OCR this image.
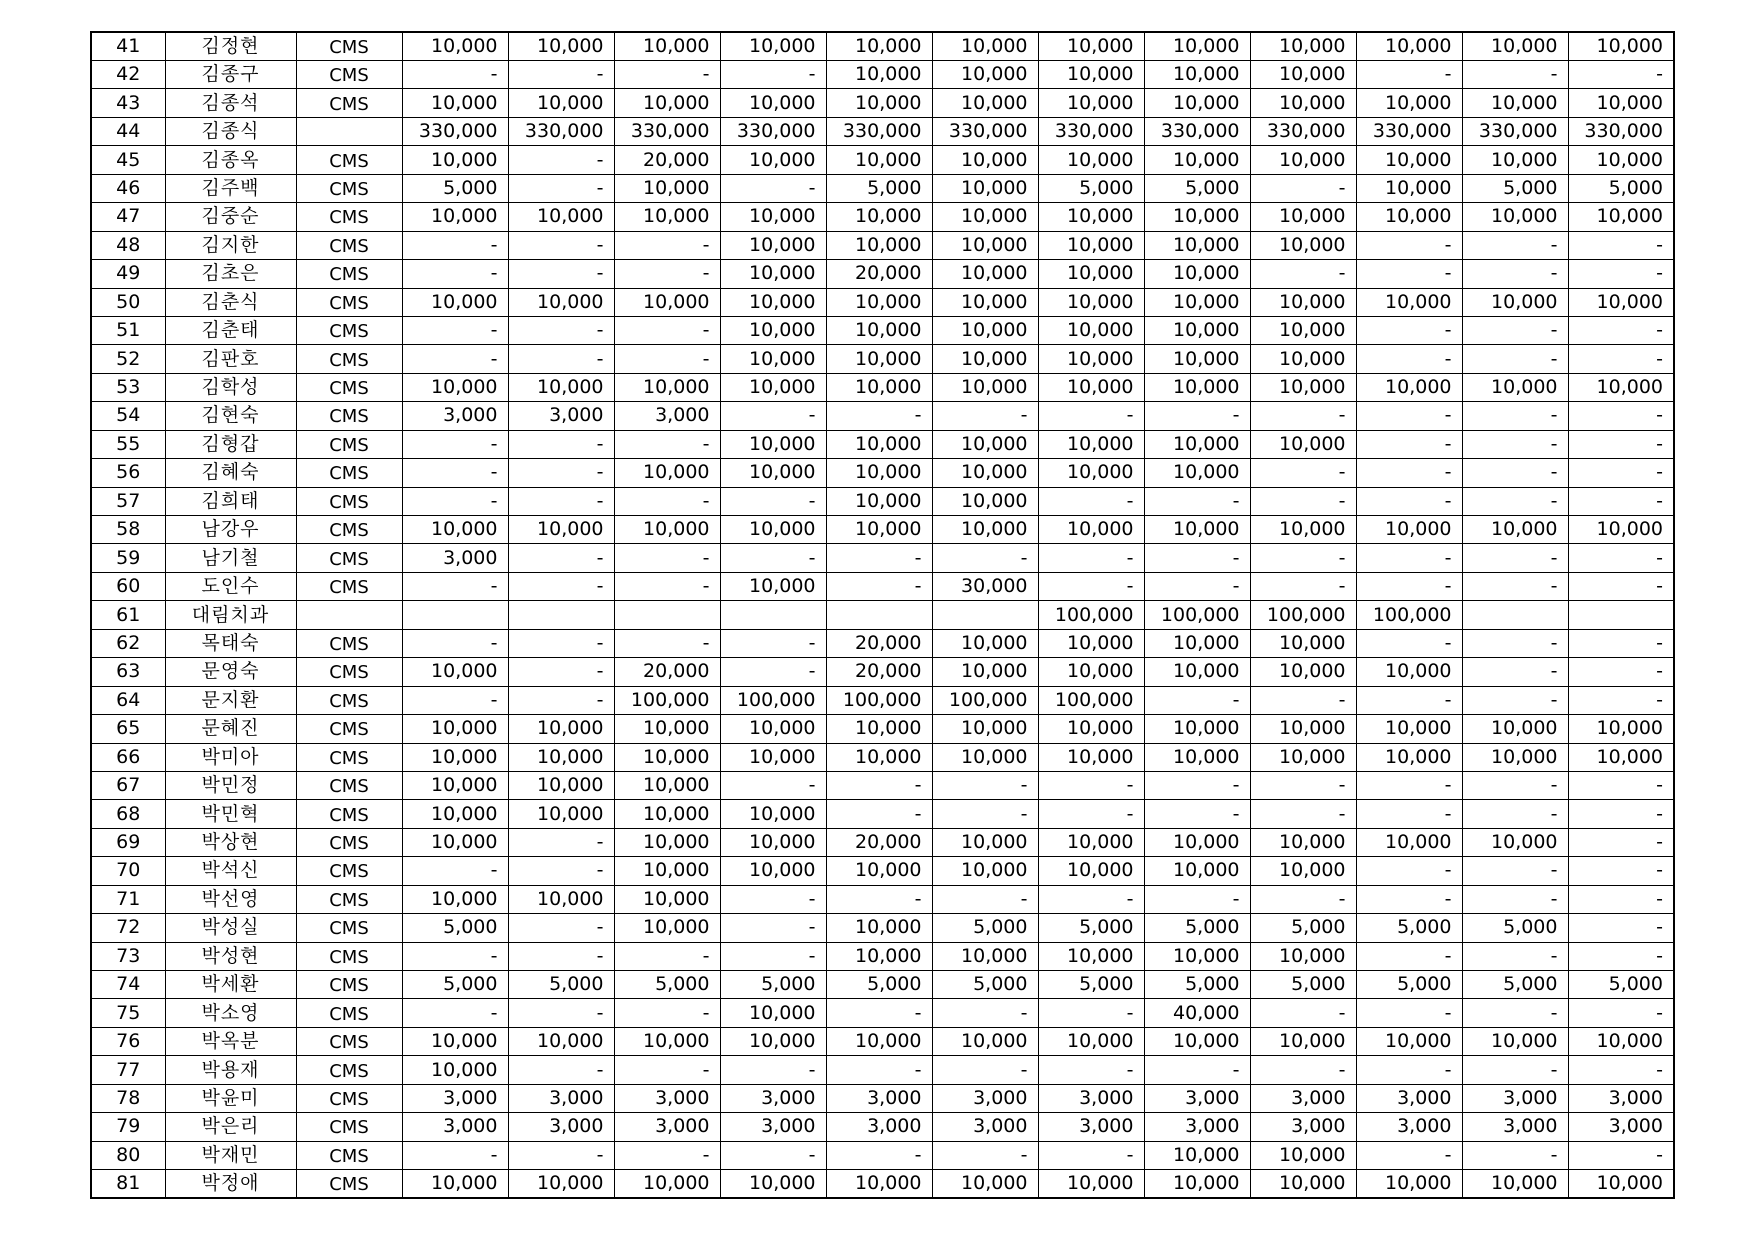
41	김정현	CMS	10,000	10,000	10,000	10,000	10,000	10,000	10,000	10,000	10,000	10,000	10,000	10,000
42	김종구	CMS	-	-	-	-	10,000	10,000	10,000	10,000	10,000	-	-	-
43	김종석	CMS	10,000	10,000	10,000	10,000	10,000	10,000	10,000	10,000	10,000	10,000	10,000	10,000
44	김종식		330,000	330,000	330,000	330,000	330,000	330,000	330,000	330,000	330,000	330,000	330,000	330,000
45	김종옥	CMS	10,000	-	20,000	10,000	10,000	10,000	10,000	10,000	10,000	10,000	10,000	10,000
46	김주백	CMS	5,000	-	10,000	-	5,000	10,000	5,000	5,000	-	10,000	5,000	5,000
47	김중순	CMS	10,000	10,000	10,000	10,000	10,000	10,000	10,000	10,000	10,000	10,000	10,000	10,000
48	김지한	CMS	-	-	-	10,000	10,000	10,000	10,000	10,000	10,000	-	-	-
49	김초은	CMS	-	-	-	10,000	20,000	10,000	10,000	10,000	-	-	-	-
50	김춘식	CMS	10,000	10,000	10,000	10,000	10,000	10,000	10,000	10,000	10,000	10,000	10,000	10,000
51	김춘태	CMS	-	-	-	10,000	10,000	10,000	10,000	10,000	10,000	-	-	-
52	김판호	CMS	-	-	-	10,000	10,000	10,000	10,000	10,000	10,000	-	-	-
53	김학성	CMS	10,000	10,000	10,000	10,000	10,000	10,000	10,000	10,000	10,000	10,000	10,000	10,000
54	김현숙	CMS	3,000	3,000	3,000	-	-	-	-	-	-	-	-	-
55	김형갑	CMS	-	-	-	10,000	10,000	10,000	10,000	10,000	10,000	-	-	-
56	김혜숙	CMS	-	-	10,000	10,000	10,000	10,000	10,000	10,000	-	-	-	-
57	김희태	CMS	-	-	-	-	10,000	10,000	-	-	-	-	-	-
58	남강우	CMS	10,000	10,000	10,000	10,000	10,000	10,000	10,000	10,000	10,000	10,000	10,000	10,000
59	남기철	CMS	3,000	-	-	-	-	-	-	-	-	-	-	-
60	도인수	CMS	-	-	-	10,000	-	30,000	-	-	-	-	-	-
61	대림치과								100,000	100,000	100,000	100,000		
62	목태숙	CMS	-	-	-	-	20,000	10,000	10,000	10,000	10,000	-	-	-
63	문영숙	CMS	10,000	-	20,000	-	20,000	10,000	10,000	10,000	10,000	10,000	-	-
64	문지환	CMS	-	-	100,000	100,000	100,000	100,000	100,000	-	-	-	-	-
65	문혜진	CMS	10,000	10,000	10,000	10,000	10,000	10,000	10,000	10,000	10,000	10,000	10,000	10,000
66	박미아	CMS	10,000	10,000	10,000	10,000	10,000	10,000	10,000	10,000	10,000	10,000	10,000	10,000
67	박민정	CMS	10,000	10,000	10,000	-	-	-	-	-	-	-	-	-
68	박민혁	CMS	10,000	10,000	10,000	10,000	-	-	-	-	-	-	-	-
69	박상현	CMS	10,000	-	10,000	10,000	20,000	10,000	10,000	10,000	10,000	10,000	10,000	-
70	박석신	CMS	-	-	10,000	10,000	10,000	10,000	10,000	10,000	10,000	-	-	-
71	박선영	CMS	10,000	10,000	10,000	-	-	-	-	-	-	-	-	-
72	박성실	CMS	5,000	-	10,000	-	10,000	5,000	5,000	5,000	5,000	5,000	5,000	-
73	박성현	CMS	-	-	-	-	10,000	10,000	10,000	10,000	10,000	-	-	-
74	박세환	CMS	5,000	5,000	5,000	5,000	5,000	5,000	5,000	5,000	5,000	5,000	5,000	5,000
75	박소영	CMS	-	-	-	10,000	-	-	-	40,000	-	-	-	-
76	박옥분	CMS	10,000	10,000	10,000	10,000	10,000	10,000	10,000	10,000	10,000	10,000	10,000	10,000
77	박용재	CMS	10,000	-	-	-	-	-	-	-	-	-	-	-
78	박윤미	CMS	3,000	3,000	3,000	3,000	3,000	3,000	3,000	3,000	3,000	3,000	3,000	3,000
79	박은리	CMS	3,000	3,000	3,000	3,000	3,000	3,000	3,000	3,000	3,000	3,000	3,000	3,000
80	박재민	CMS	-	-	-	-	-	-	-	10,000	10,000	-	-	-
81	박정애	CMS	10,000	10,000	10,000	10,000	10,000	10,000	10,000	10,000	10,000	10,000	10,000	10,000
